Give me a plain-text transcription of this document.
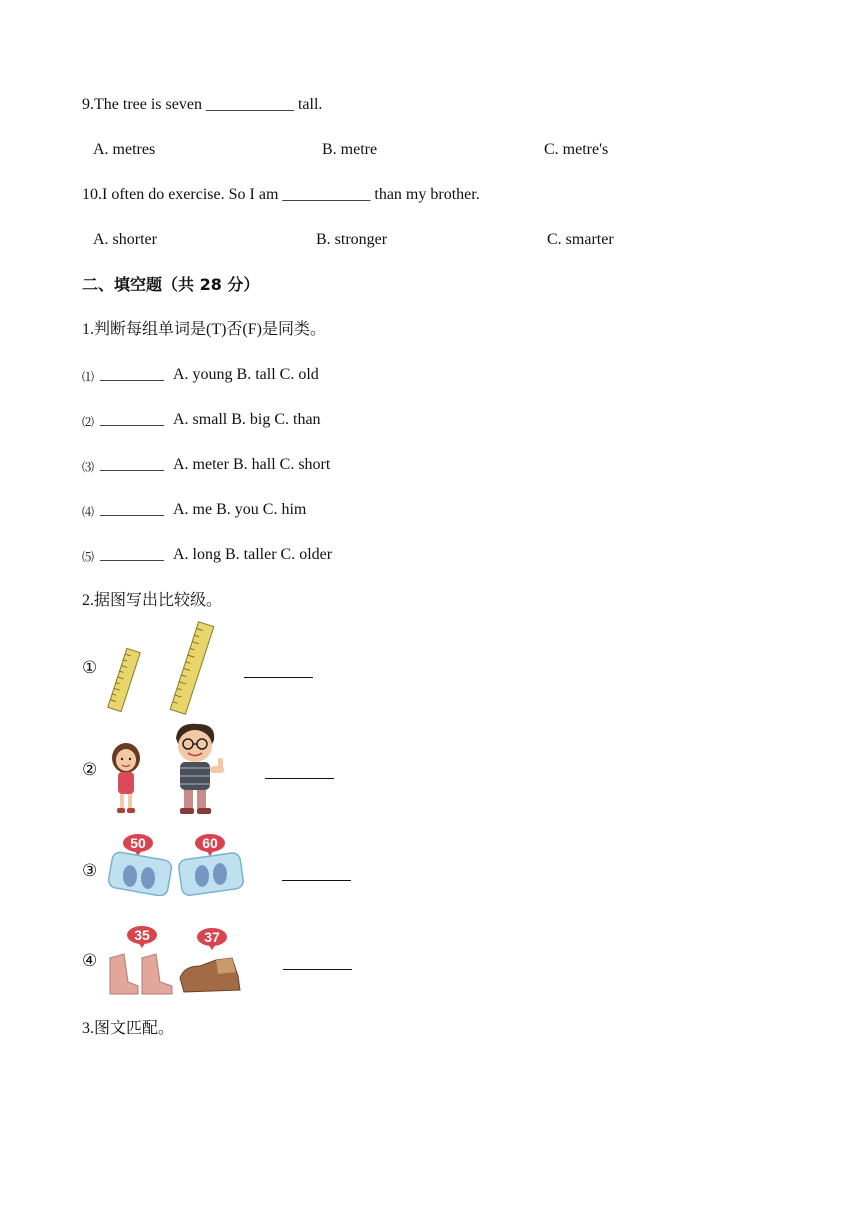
9.The tree is seven ___________ tall.
A. metres	B. metre	C. metre's
10.I often do exercise. So I am ___________ than my brother.
A. shorter	B. stronger	C. smarter
二、填空题（共 28 分）
1.判断每组单词是(T)否(F)是同类。
⑴ ________ A. young B. tall C. old
⑵ ________ A. small B. big C. than
⑶ ________ A. meter B. hall C. short
⑷ ________ A. me B. you C. him
⑸ ________ A. long B. taller C. older
2.据图写出比较级。
①
②
③
50	60
④
35	37
3.图文匹配。
